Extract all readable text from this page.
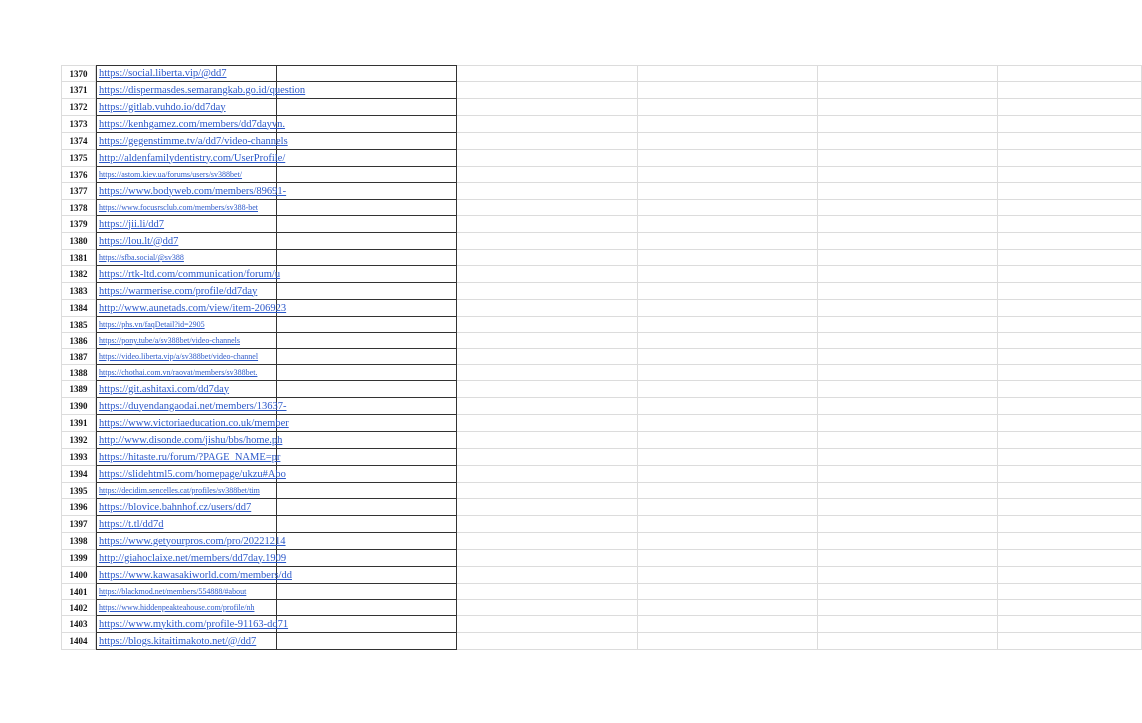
1370	https://social.liberta.vip/@dd7
1371	https://dispermasdes.semarangkab.go.id/question
1372	https://gitlab.vuhdo.io/dd7day
1373	https://kenhgamez.com/members/dd7dayvn.
1374	https://gegenstimme.tv/a/dd7/video-channels
1375	http://aldenfamilydentistry.com/UserProfile/
1376	https://astom.kiev.ua/forums/users/sv388bet/
1377	https://www.bodyweb.com/members/89691-
1378	https://www.focusrsclub.com/members/sv388-bet
1379	https://jii.li/dd7
1380	https://lou.lt/@dd7
1381	https://sfba.social/@sv388
1382	https://rtk-ltd.com/communication/forum/u
1383	https://warmerise.com/profile/dd7day
1384	http://www.aunetads.com/view/item-206923
1385	https://phs.vn/faqDetail?id=2905
1386	https://pony.tube/a/sv388bet/video-channels
1387	https://video.liberta.vip/a/sv388bet/video-channel
1388	https://chothai.com.vn/raovat/members/sv388bet.
1389	https://git.ashitaxi.com/dd7day
1390	https://duyendangaodai.net/members/13637-
1391	https://www.victoriaeducation.co.uk/member
1392	http://www.disonde.com/jishu/bbs/home.ph
1393	https://hitaste.ru/forum/?PAGE_NAME=pr
1394	https://slidehtml5.com/homepage/ukzu#Abo
1395	https://decidim.sencelles.cat/profiles/sv388bet/tim
1396	https://blovice.bahnhof.cz/users/dd7
1397	https://t.tl/dd7d
1398	https://www.getyourpros.com/pro/20221214
1399	http://giahoclaixe.net/members/dd7day.1909
1400	https://www.kawasakiworld.com/members/dd
1401	https://blackmod.net/members/554888/#about
1402	https://www.hiddenpeakteahouse.com/profile/nh
1403	https://www.mykith.com/profile-91163-dd71
1404	https://blogs.kitaitimakoto.net/@/dd7
